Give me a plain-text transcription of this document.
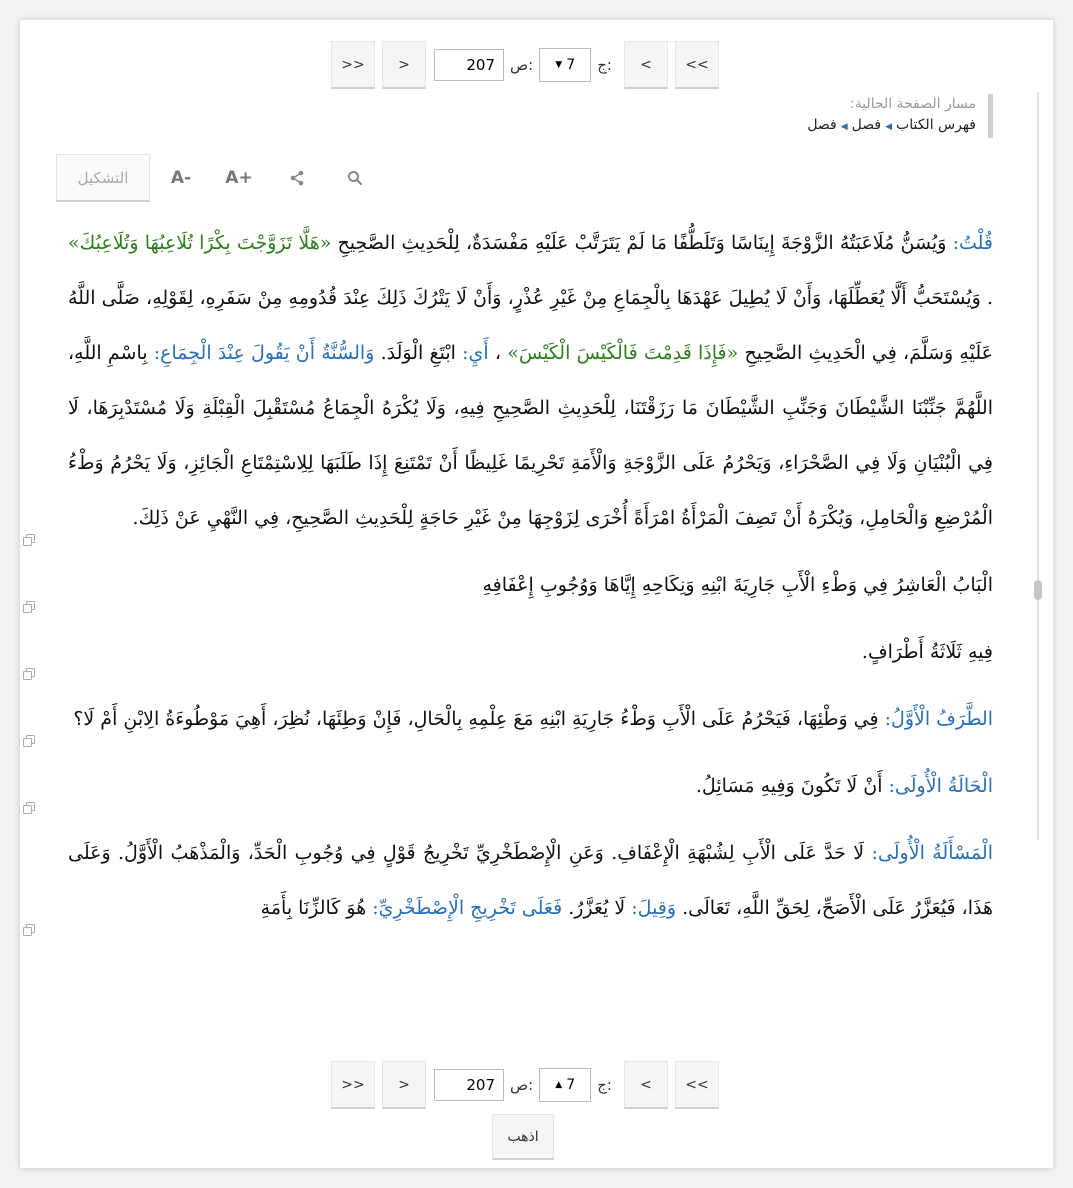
>>	>
207	ص: ▼ 7 ج:	<	<<
مسار الصفحة الحالية:
فهرس الكتاب◀فصل◀فصل
التشكيل	A-	A+

قُلْتُ: وَيُسَنُّ مُلَاعَبَتُهُ الزَّوْجَةَ إِينَاسًا وَتَلَطُّفًا مَا لَمْ يَتَرَتَّبْ عَلَيْهِ مَفْسَدَةٌ، لِلْحَدِيثِ الصَّحِيحِ «هَلَّا تَزَوَّجْتَ بِكْرًا تُلَاعِبُهَا وَتُلَاعِبُكَ» . وَيُسْتَحَبُّ أَلَّا يُعَطِّلَهَا، وَأَنْ لَا يُطِيلَ عَهْدَهَا بِالْجِمَاعِ مِنْ غَيْرِ عُذْرٍ، وَأَنْ لَا يَتْرُكَ ذَلِكَ عِنْدَ قُدُومِهِ مِنْ سَفَرِهِ، لِقَوْلِهِ، صَلَّى اللَّهُ عَلَيْهِ وَسَلَّمَ، فِي الْحَدِيثِ الصَّحِيحِ «فَإِذَا قَدِمْتَ فَالْكَيْسَ الْكَيْسَ» ، أَيِ: ابْتَغِ الْوَلَدَ. وَالسُّنَّةُ أَنْ يَقُولَ عِنْدَ الْجِمَاعِ: بِاسْمِ اللَّهِ، اللَّهُمَّ جَنِّبْنَا الشَّيْطَانَ وَجَنِّبِ الشَّيْطَانَ مَا رَزَقْتَنَا، لِلْحَدِيثِ الصَّحِيحِ فِيهِ، وَلَا يُكْرَهُ الْجِمَاعُ مُسْتَقْبِلَ الْقِبْلَةِ وَلَا مُسْتَدْبِرَهَا، لَا فِي الْبُنْيَانِ وَلَا فِي الصَّحْرَاءِ، وَيَحْرُمُ عَلَى الزَّوْجَةِ وَالْأَمَةِ تَحْرِيمًا غَلِيظًا أَنْ تَمْتَنِعَ إِذَا طَلَبَهَا لِلِاسْتِمْتَاعِ الْجَائِزِ، وَلَا يَحْرُمُ وَطْءُ الْمُرْضِعِ وَالْحَامِلِ، وَيُكْرَهُ أَنْ تَصِفَ الْمَرْأَةُ امْرَأَةً أُخْرَى لِزَوْجِهَا مِنْ غَيْرِ حَاجَةٍ لِلْحَدِيثِ الصَّحِيحِ، فِي النَّهْيِ عَنْ ذَلِكَ.

الْبَابُ الْعَاشِرُ فِي وَطْءِ الْأَبِ جَارِيَةَ ابْنِهِ وَنِكَاحِهِ إِيَّاهَا وَوُجُوبِ إِعْفَافِهِ

فِيهِ ثَلَاثَةُ أَطْرَافٍ.

الطَّرَفُ الْأَوَّلُ: فِي وَطْئِهَا، فَيَحْرُمُ عَلَى الْأَبِ وَطْءُ جَارِيَةِ ابْنِهِ مَعَ عِلْمِهِ بِالْحَالِ، فَإِنْ وَطِئَهَا، نُظِرَ، أَهِيَ مَوْطُوءَةُ الِابْنِ أَمْ لَا؟

الْحَالَةُ الْأُولَى: أَنْ لَا تَكُونَ وَفِيهِ مَسَائِلُ.

الْمَسْأَلَةُ الْأُولَى: لَا حَدَّ عَلَى الْأَبِ لِشُبْهَةِ الْإِعْفَافِ. وَعَنِ الْإِصْطَخْرِيِّ تَخْرِيجُ قَوْلٍ فِي وُجُوبِ الْحَدِّ، وَالْمَذْهَبُ الْأَوَّلُ. وَعَلَى هَذَا، فَيُعَزَّرُ عَلَى الْأَصَحِّ، لِحَقِّ اللَّهِ، تَعَالَى. وَقِيلَ: لَا يُعَزَّرُ. فَعَلَى تَخْرِيجِ الْإِصْطَخْرِيِّ: هُوَ كَالزِّنَا بِأَمَةِ

>>	>
207	ص: ▲ 7 ج:	<	<<
اذهب
